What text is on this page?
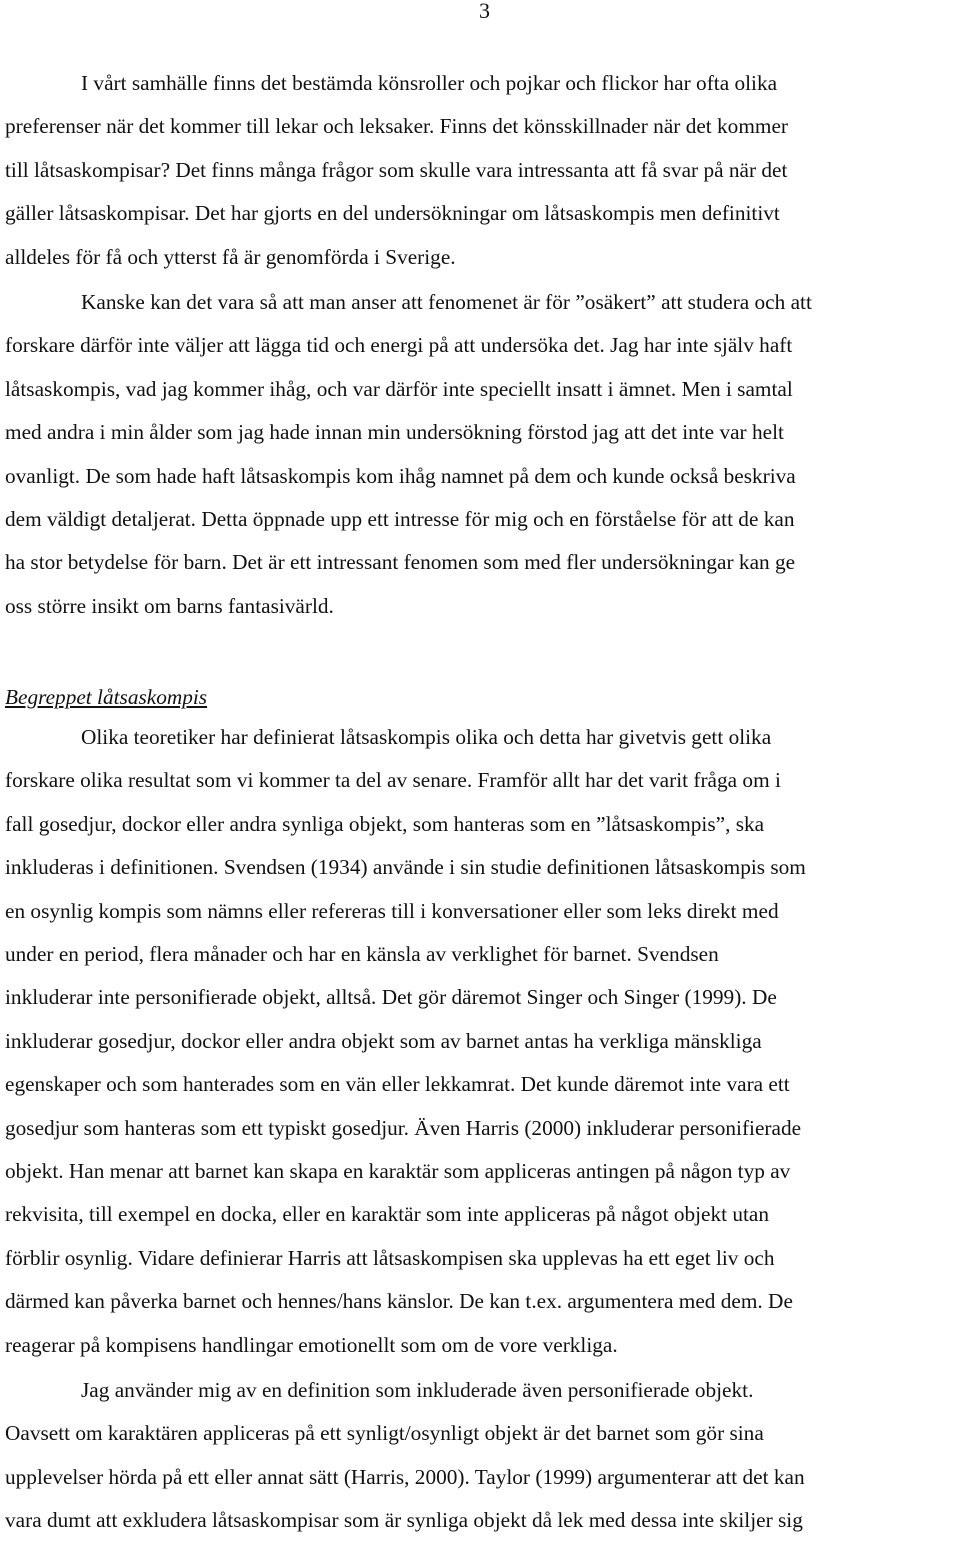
3
I vårt samhälle finns det bestämda könsroller och pojkar och flickor har ofta olika
preferenser när det kommer till lekar och leksaker. Finns det könsskillnader när det kommer
till låtsaskompisar? Det finns många frågor som skulle vara intressanta att få svar på när det
gäller låtsaskompisar. Det har gjorts en del undersökningar om låtsaskompis men definitivt
alldeles för få och ytterst få är genomförda i Sverige.
Kanske kan det vara så att man anser att fenomenet är för ”osäkert” att studera och att
forskare därför inte väljer att lägga tid och energi på att undersöka det. Jag har inte själv haft
låtsaskompis, vad jag kommer ihåg, och var därför inte speciellt insatt i ämnet. Men i samtal
med andra i min ålder som jag hade innan min undersökning förstod jag att det inte var helt
ovanligt. De som hade haft låtsaskompis kom ihåg namnet på dem och kunde också beskriva
dem väldigt detaljerat. Detta öppnade upp ett intresse för mig och en förståelse för att de kan
ha stor betydelse för barn. Det är ett intressant fenomen som med fler undersökningar kan ge
oss större insikt om barns fantasivärld.
Begreppet låtsaskompis
Olika teoretiker har definierat låtsaskompis olika och detta har givetvis gett olika
forskare olika resultat som vi kommer ta del av senare. Framför allt har det varit fråga om i
fall gosedjur, dockor eller andra synliga objekt, som hanteras som en ”låtsaskompis”, ska
inkluderas i definitionen. Svendsen (1934) använde i sin studie definitionen låtsaskompis som
en osynlig kompis som nämns eller refereras till i konversationer eller som leks direkt med
under en period, flera månader och har en känsla av verklighet för barnet. Svendsen
inkluderar inte personifierade objekt, alltså. Det gör däremot Singer och Singer (1999). De
inkluderar gosedjur, dockor eller andra objekt som av barnet antas ha verkliga mänskliga
egenskaper och som hanterades som en vän eller lekkamrat. Det kunde däremot inte vara ett
gosedjur som hanteras som ett typiskt gosedjur. Även Harris (2000) inkluderar personifierade
objekt. Han menar att barnet kan skapa en karaktär som appliceras antingen på någon typ av
rekvisita, till exempel en docka, eller en karaktär som inte appliceras på något objekt utan
förblir osynlig. Vidare definierar Harris att låtsaskompisen ska upplevas ha ett eget liv och
därmed kan påverka barnet och hennes/hans känslor. De kan t.ex. argumentera med dem. De
reagerar på kompisens handlingar emotionellt som om de vore verkliga.
Jag använder mig av en definition som inkluderade även personifierade objekt.
Oavsett om karaktären appliceras på ett synligt/osynligt objekt är det barnet som gör sina
upplevelser hörda på ett eller annat sätt (Harris, 2000). Taylor (1999) argumenterar att det kan
vara dumt att exkludera låtsaskompisar som är synliga objekt då lek med dessa inte skiljer sig
